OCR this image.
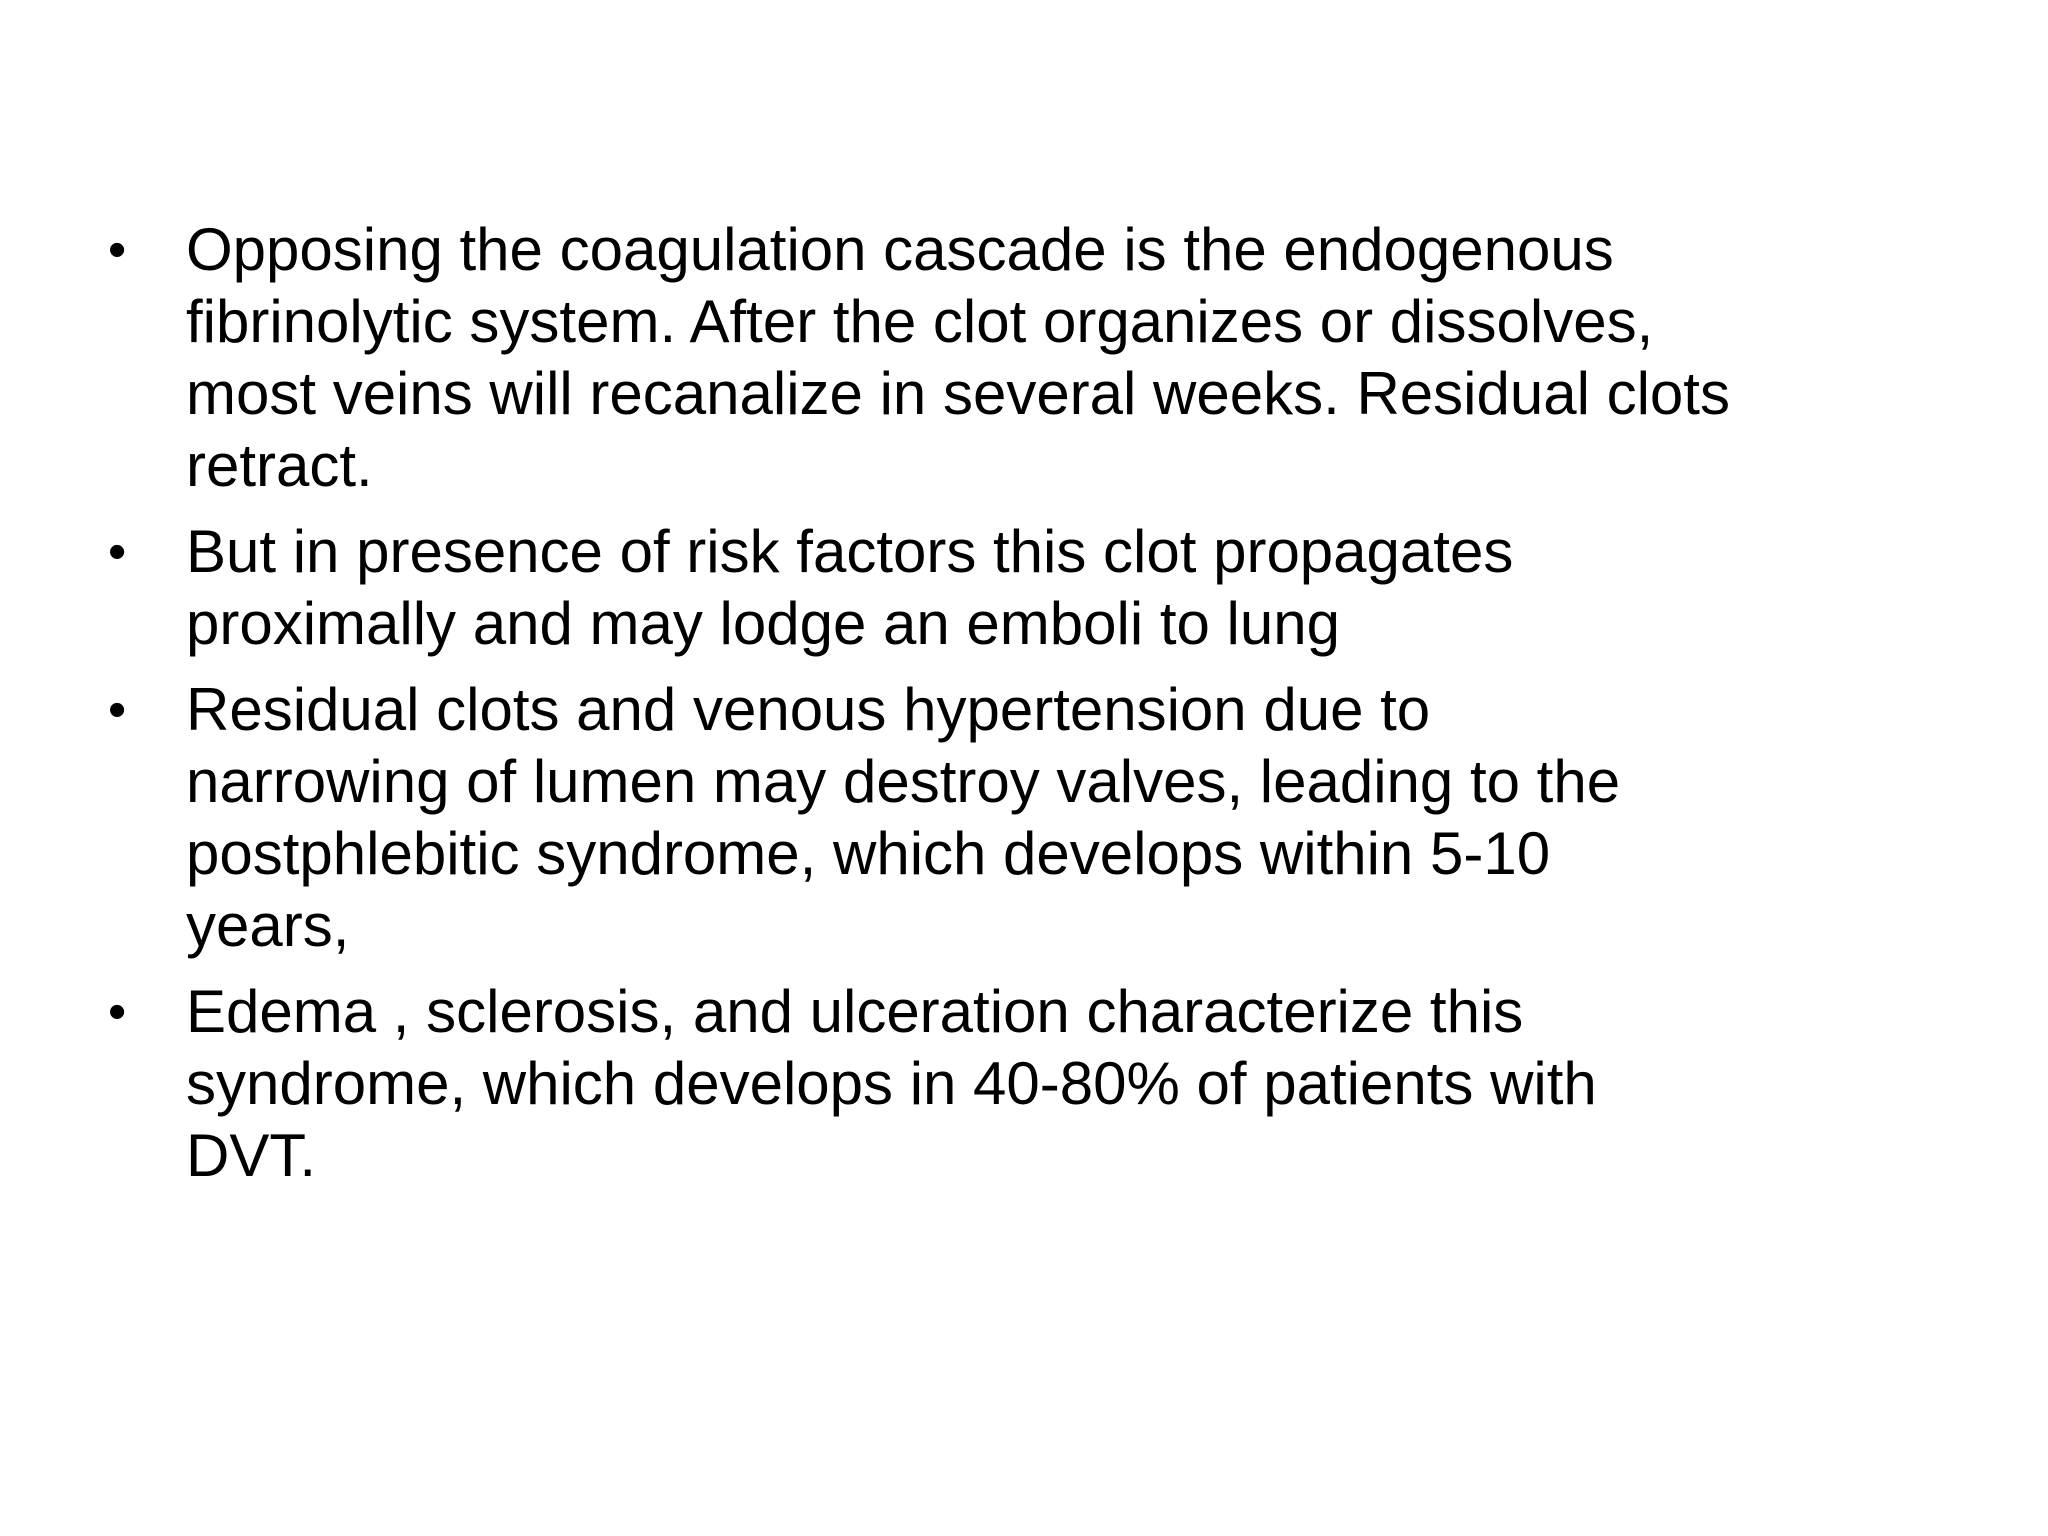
• Opposing the coagulation cascade is the endogenous
fibrinolytic system. After the clot organizes or dissolves,
most veins will recanalize in several weeks. Residual clots
retract.
• But in presence of risk factors this clot propagates
proximally and may lodge an emboli to lung
• Residual clots and venous hypertension due to
narrowing of lumen may destroy valves, leading to the
postphlebitic syndrome, which develops within 5-10
years,
• Edema , sclerosis, and ulceration characterize this
syndrome, which develops in 40-80% of patients with
DVT.
